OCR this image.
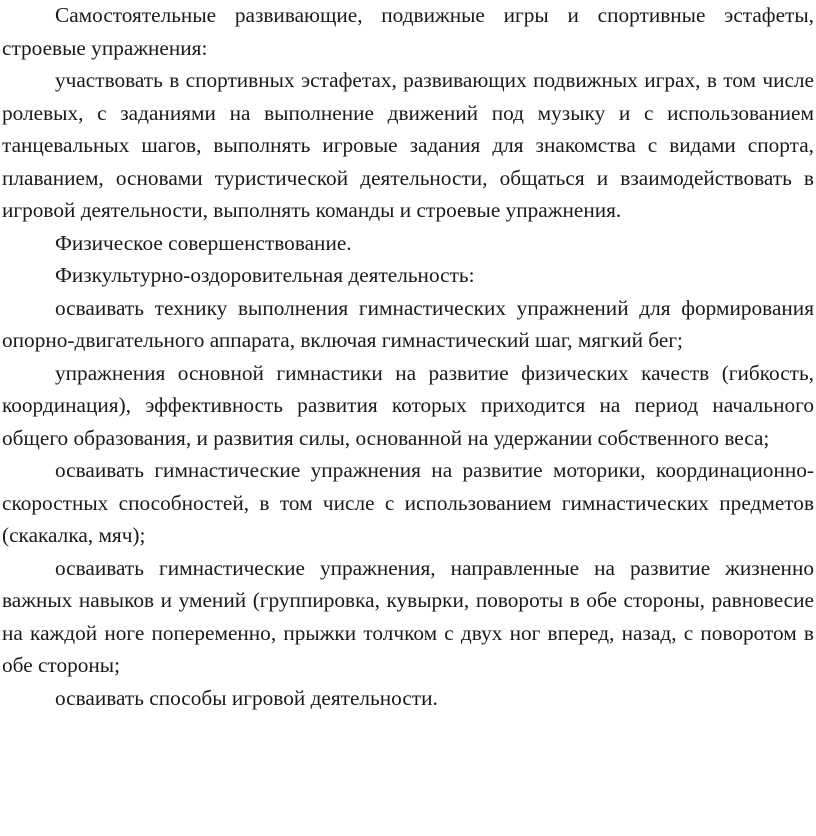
Самостоятельные развивающие, подвижные игры и спортивные эстафеты, строевые упражнения:

участвовать в спортивных эстафетах, развивающих подвижных играх, в том числе ролевых, с заданиями на выполнение движений под музыку и с использованием танцевальных шагов, выполнять игровые задания для знакомства с видами спорта, плаванием, основами туристической деятельности, общаться и взаимодействовать в игровой деятельности, выполнять команды и строевые упражнения.

Физическое совершенствование.

Физкультурно-оздоровительная деятельность:

осваивать технику выполнения гимнастических упражнений для формирования опорно-двигательного аппарата, включая гимнастический шаг, мягкий бег;

упражнения основной гимнастики на развитие физических качеств (гибкость, координация), эффективность развития которых приходится на период начального общего образования, и развития силы, основанной на удержании собственного веса;

осваивать гимнастические упражнения на развитие моторики, координационно-скоростных способностей, в том числе с использованием гимнастических предметов (скакалка, мяч);

осваивать гимнастические упражнения, направленные на развитие жизненно важных навыков и умений (группировка, кувырки, повороты в обе стороны, равновесие на каждой ноге попеременно, прыжки толчком с двух ног вперед, назад, с поворотом в обе стороны;

осваивать способы игровой деятельности.
